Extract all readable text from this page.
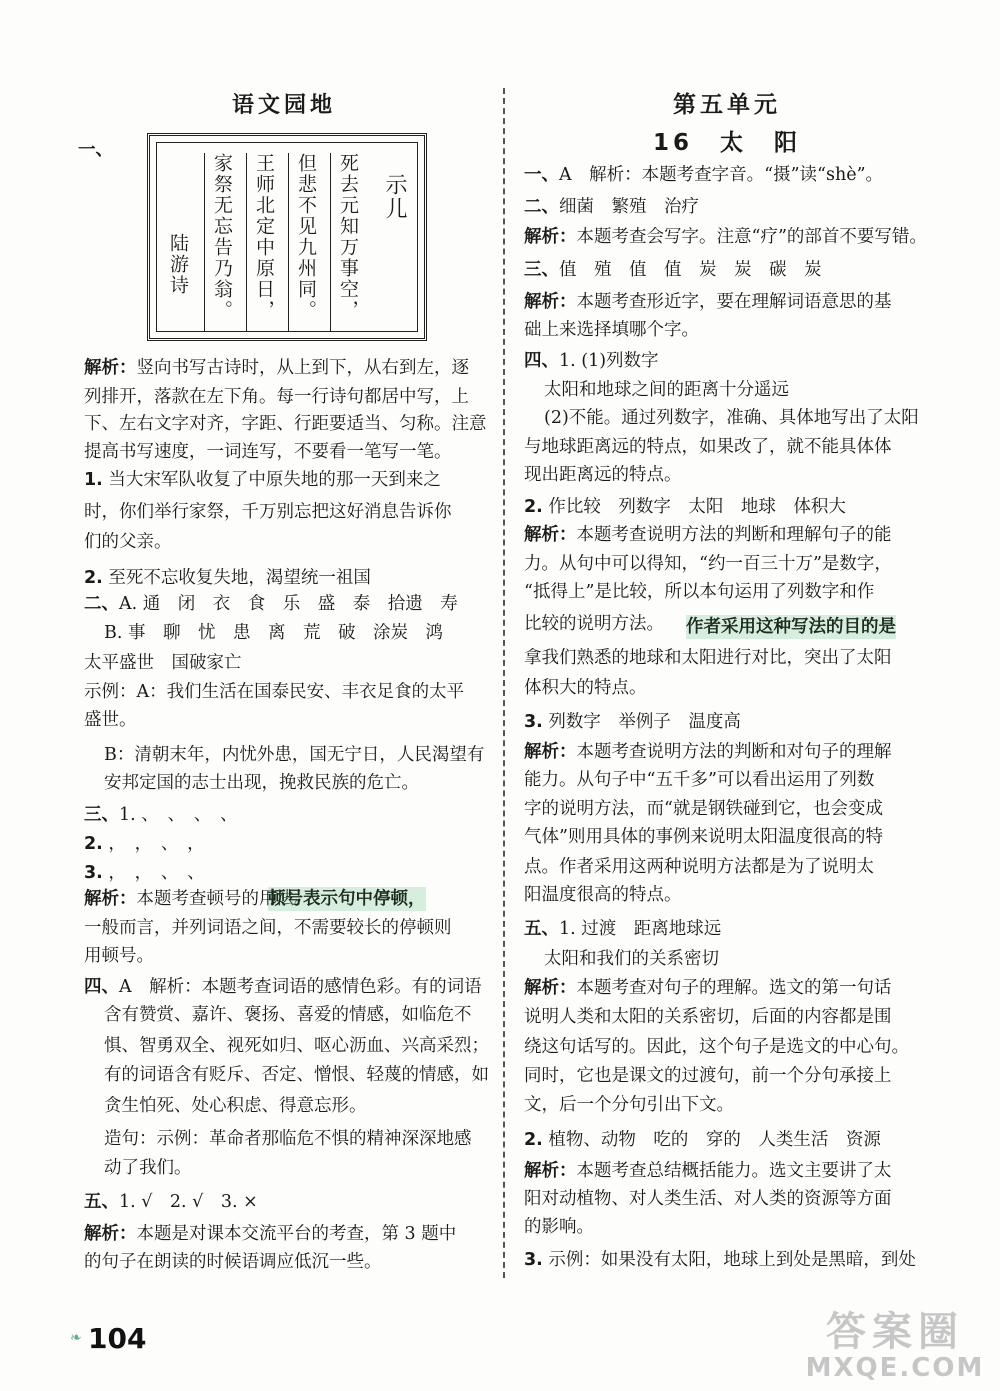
语文园地
一、
示儿
死去元知万事空，
但悲不见九州同。
王师北定中原日，
家祭无忘告乃翁。
陆游诗
解析：竖向书写古诗时，从上到下，从右到左，逐
列排开，落款在左下角。每一行诗句都居中写，上
下、左右文字对齐，字距、行距要适当、匀称。注意
提高书写速度，一词连写，不要看一笔写一笔。
1. 当大宋军队收复了中原失地的那一天到来之
时，你们举行家祭，千万别忘把这好消息告诉你
们的父亲。
2. 至死不忘收复失地，渴望统一祖国
二、A. 通　闭　衣　食　乐　盛　泰　拾遗　寿
B. 事　聊　忧　患　离　荒　破　涂炭　鸿
太平盛世　国破家亡
示例：A：我们生活在国泰民安、丰衣足食的太平
盛世。
B：清朝末年，内忧外患，国无宁日，人民渴望有
安邦定国的志士出现，挽救民族的危亡。
三、1. 、　、　、　、
2. ，　，　、　，
3. ，　，　、　、
解析：本题考查顿号的用法。
一般而言，并列词语之间，不需要较长的停顿则
用顿号。
四、A　解析：本题考查词语的感情色彩。有的词语
含有赞赏、嘉许、褒扬、喜爱的情感，如临危不
惧、智勇双全、视死如归、呕心沥血、兴高采烈；
有的词语含有贬斥、否定、憎恨、轻蔑的情感，如
贪生怕死、处心积虑、得意忘形。
造句：示例：革命者那临危不惧的精神深深地感
动了我们。
五、1. √　2. √　3. ×
解析：本题是对课本交流平台的考查，第 3 题中
的句子在朗读的时候语调应低沉一些。
顿号表示句中停顿，
第五单元
16　太　阳
一、A　解析：本题考查字音。“摄”读“shè”。
二、细菌　繁殖　治疗
解析：本题考查会写字。注意“疗”的部首不要写错。
三、值　殖　值　值　炭　炭　碳　炭
解析：本题考查形近字，要在理解词语意思的基
础上来选择填哪个字。
四、1. (1)列数字
太阳和地球之间的距离十分遥远
(2)不能。通过列数字，准确、具体地写出了太阳
与地球距离远的特点，如果改了，就不能具体体
现出距离远的特点。
2. 作比较　列数字　太阳　地球　体积大
解析：本题考查说明方法的判断和理解句子的能
力。从句中可以得知，“约一百三十万”是数字，
“抵得上”是比较，所以本句运用了列数字和作
比较的说明方法。
拿我们熟悉的地球和太阳进行对比，突出了太阳
体积大的特点。
3. 列数字　举例子　温度高
解析：本题考查说明方法的判断和对句子的理解
能力。从句子中“五千多”可以看出运用了列数
字的说明方法，而“就是钢铁碰到它，也会变成
气体”则用具体的事例来说明太阳温度很高的特
点。作者采用这两种说明方法都是为了说明太
阳温度很高的特点。
五、1. 过渡　距离地球远
太阳和我们的关系密切
解析：本题考查对句子的理解。选文的第一句话
说明人类和太阳的关系密切，后面的内容都是围
绕这句话写的。因此，这个句子是选文的中心句。
同时，它也是课文的过渡句，前一个分句承接上
文，后一个分句引出下文。
2. 植物、动物　吃的　穿的　人类生活　资源
解析：本题考查总结概括能力。选文主要讲了太
阳对动植物、对人类生活、对人类的资源等方面
的影响。
3. 示例：如果没有太阳，地球上到处是黑暗，到处
作者采用这种写法的目的是
❧ 104	答案圈
MXQE.COM
